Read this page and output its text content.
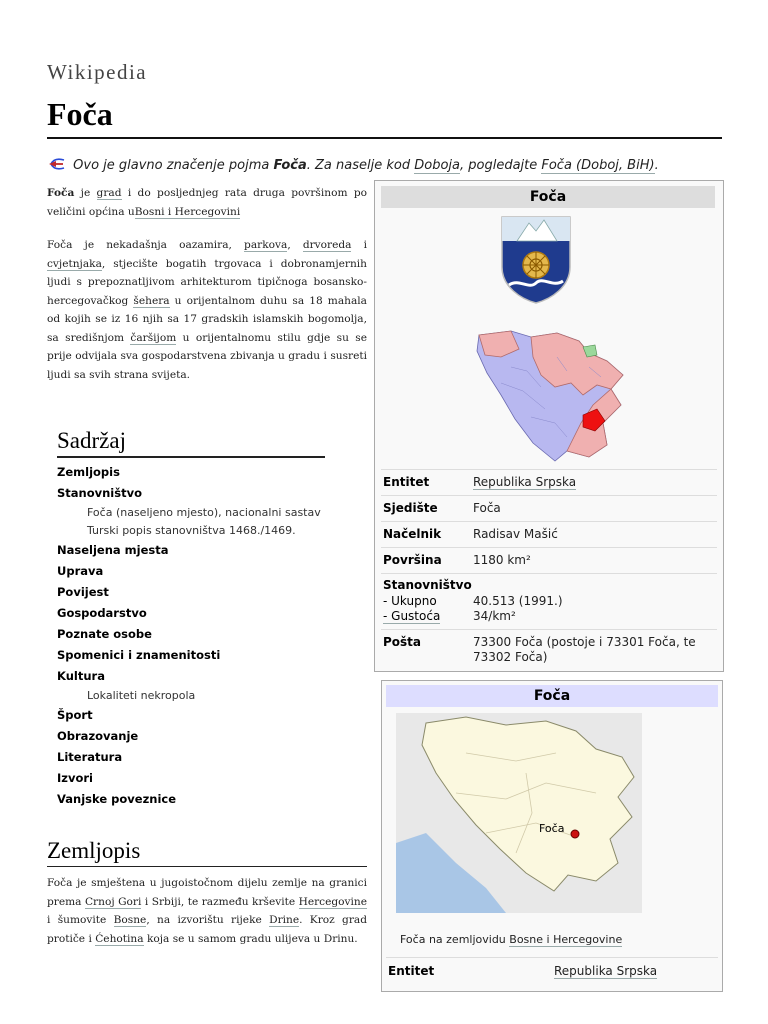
Wikipedia
Foča
Ovo je glavno značenje pojma Foča. Za naselje kod Doboja, pogledajte Foča (Doboj, BiH).
Foča je grad i do posljednjeg rata druga površinom po veličini općina uBosni i Hercegovini
Foča je nekadašnja oazamira, parkova, drvoreda i cvjetnjaka, stjecište bogatih trgovaca i dobronamjernih ljudi s prepoznatljivom arhitekturom tipičnoga bosansko-hercegovačkog šehera u orijentalnom duhu sa 18 mahala od kojih se iz 16 njih sa 17 gradskih islamskih bogomolja, sa središnjom čaršijom u orijentalnomu stilu gdje su se prije odvijala sva gospodarstvena zbivanja u gradu i susreti ljudi sa svih strana svijeta.
Sadržaj
Zemljopis
Stanovništvo
Foča (naseljeno mjesto), nacionalni sastav
Turski popis stanovništva 1468./1469.
Naseljena mjesta
Uprava
Povijest
Gospodarstvo
Poznate osobe
Spomenici i znamenitosti
Kultura
Lokaliteti nekropola
Šport
Obrazovanje
Literatura
Izvori
Vanjske poveznice
Zemljopis
Foča je smještena u jugoistočnom dijelu zemlje na granici prema Crnoj Gori i Srbiji, te razmeđu krševite Hercegovine i šumovite Bosne, na izvorištu rijeke Drine. Kroz grad protiče i Ćehotina koja se u samom gradu ulijeva u Drinu.
Foča
Entitet	Republika Srpska
Sjedište	Foča
Načelnik	Radisav Mašić
Površina	1180 km²
Stanovništvo
- Ukupno	40.513 (1991.)
- Gustoća	34/km²
Pošta	73300 Foča (postoje i 73301 Foča, te 73302 Foča)
Foča
Foča
Foča na zemljovidu Bosne i Hercegovine
Entitet	Republika Srpska
